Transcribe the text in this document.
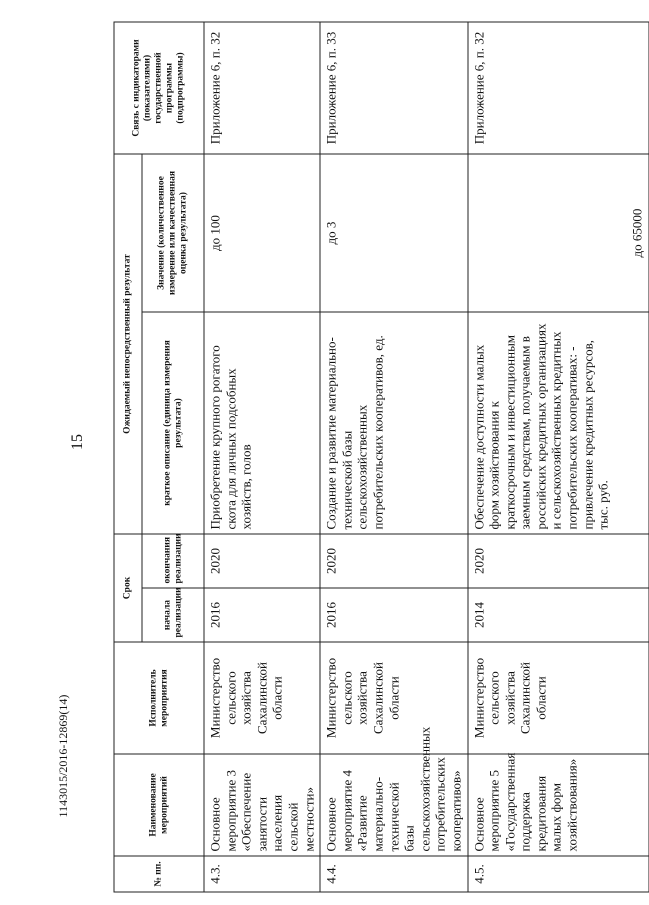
15
1143015/2016-12869(14)
№ пп.	Наименование мероприятий	Исполнитель мероприятия	Срок		Ожидаемый непосредственный результат		Связь с индикаторами (показателями) государственной программы (подпрограммы)
			начала реализации	окончания реализации	краткое описание (единица измерения результата)	Значение (количественное измерение или качественная оценка результата)	
4.3.	Основное мероприятие 3 «Обеспечение занятости населения сельской местности»	Министерство сельского хозяйства Сахалинской области	2016	2020	Приобретение крупного рогатого скота для личных подсобных хозяйств, голов	до 100	Приложение 6, п. 32
4.4.	Основное мероприятие 4 «Развитие материально-технической базы сельскохозяйственных потребительских кооперативов»	Министерство сельского хозяйства Сахалинской области	2016	2020	Создание и развитие материально-технической базы сельскохозяйственных потребительских кооперативов, ед.	до 3	Приложение 6, п. 33
4.5.	Основное мероприятие 5 «Государственная поддержка кредитования малых форм хозяйствования»	Министерство сельского хозяйства Сахалинской области	2014	2020	Обеспечение доступности малых форм хозяйствования к краткосрочным и инвестиционным заемным средствам, получаемым в российских кредитных организациях и сельскохозяйственных кредитных потребительских кооперативах: - привлечение кредитных ресурсов, тыс. руб.	до 65000	Приложение 6, п. 32
